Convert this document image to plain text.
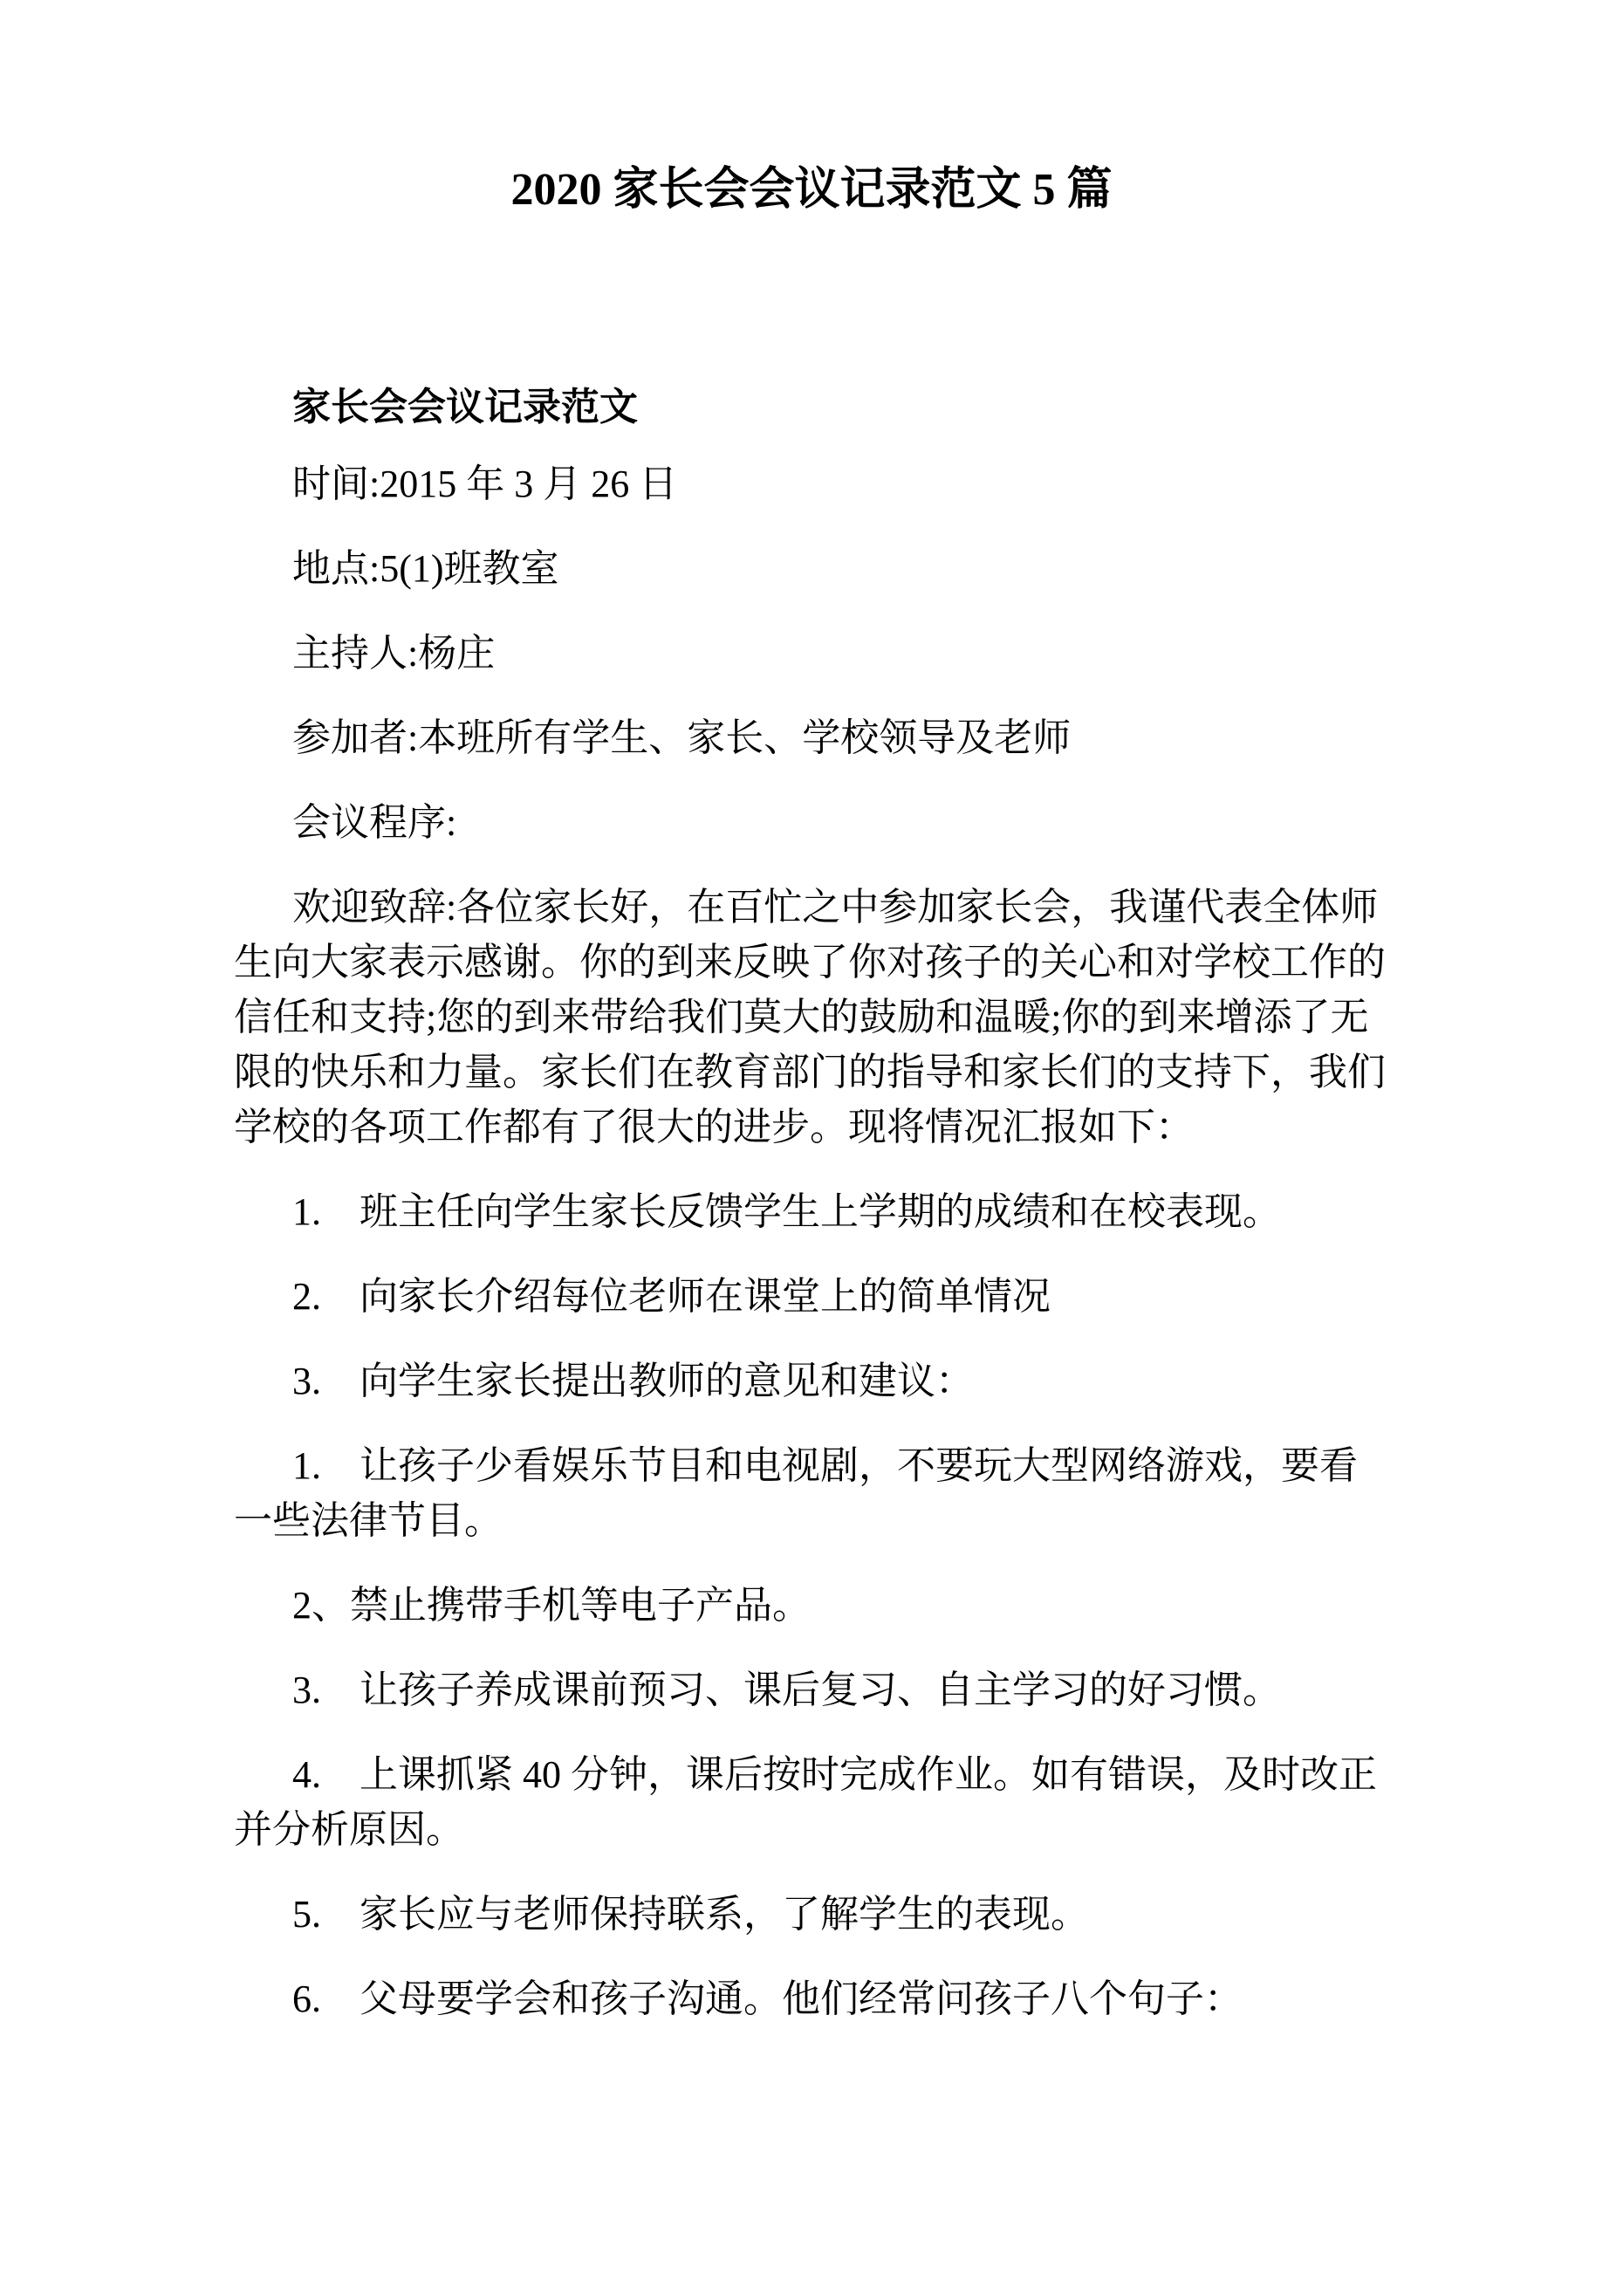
2020 家长会会议记录范文 5 篇
家长会会议记录范文
时间:2015 年 3 月 26 日
地点:5(1)班教室
主持人:杨庄
参加者:本班所有学生、家长、学校领导及老师
会议程序:
欢迎致辞:各位家长好，在百忙之中参加家长会，我谨代表全体师
生向大家表示感谢。你的到来反映了你对孩子的关心和对学校工作的
信任和支持;您的到来带给我们莫大的鼓励和温暖;你的到来增添了无
限的快乐和力量。家长们在教育部门的指导和家长们的支持下，我们
学校的各项工作都有了很大的进步。现将情况汇报如下：
1.　班主任向学生家长反馈学生上学期的成绩和在校表现。
2.　向家长介绍每位老师在课堂上的简单情况
3.　向学生家长提出教师的意见和建议：
1.　让孩子少看娱乐节目和电视剧，不要玩大型网络游戏，要看
一些法律节目。
2、禁止携带手机等电子产品。
3.　让孩子养成课前预习、课后复习、自主学习的好习惯。
4.　上课抓紧 40 分钟，课后按时完成作业。如有错误，及时改正
并分析原因。
5.　家长应与老师保持联系，了解学生的表现。
6.　父母要学会和孩子沟通。他们经常问孩子八个句子：
